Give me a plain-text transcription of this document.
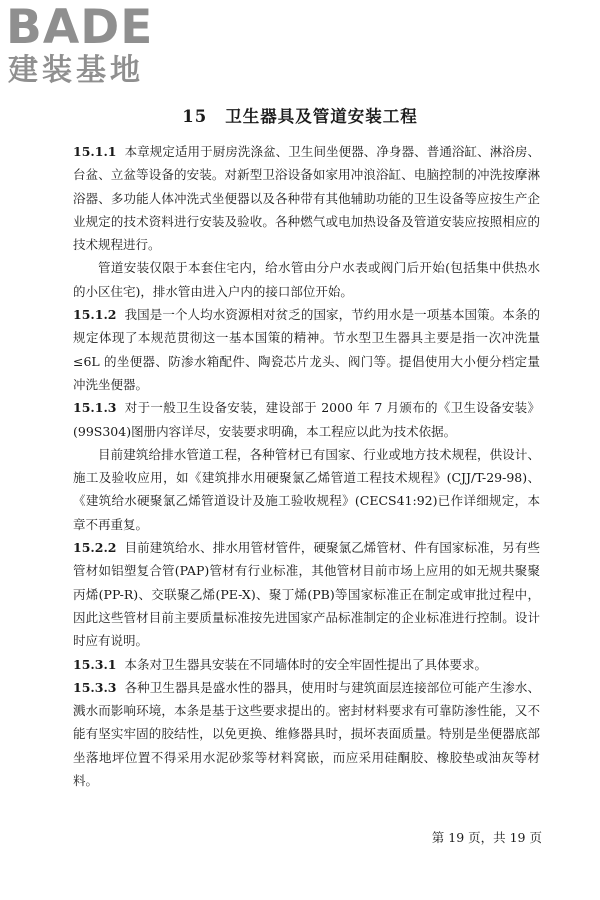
BADE
建装基地
15 卫生器具及管道安装工程

15.1.1 本章规定适用于厨房洗涤盆、卫生间坐便器、净身器、普通浴缸、淋浴房、台盆、立盆等设备的安装。对新型卫浴设备如家用冲浪浴缸、电脑控制的冲洗按摩淋浴器、多功能人体冲洗式坐便器以及各种带有其他辅助功能的卫生设备等应按生产企业规定的技术资料进行安装及验收。各种燃气或电加热设备及管道安装应按照相应的技术规程进行。

管道安装仅限于本套住宅内，给水管由分户水表或阀门后开始(包括集中供热水的小区住宅)，排水管由进入户内的接口部位开始。

15.1.2 我国是一个人均水资源相对贫乏的国家，节约用水是一项基本国策。本条的规定体现了本规范贯彻这一基本国策的精神。节水型卫生器具主要是指一次冲洗量≤6L 的坐便器、防渗水箱配件、陶瓷芯片龙头、阀门等。提倡使用大小便分档定量冲洗坐便器。

15.1.3 对于一般卫生设备安装，建设部于 2000 年 7 月颁布的《卫生设备安装》(99S304)图册内容详尽，安装要求明确，本工程应以此为技术依据。

目前建筑给排水管道工程，各种管材已有国家、行业或地方技术规程，供设计、施工及验收应用，如《建筑排水用硬聚氯乙烯管道工程技术规程》(CJJ/T-29-98)、《建筑给水硬聚氯乙烯管道设计及施工验收规程》(CECS41:92)已作详细规定，本章不再重复。

15.2.2 目前建筑给水、排水用管材管件，硬聚氯乙烯管材、件有国家标准，另有些管材如铝塑复合管(PAP)管材有行业标准，其他管材目前市场上应用的如无规共聚聚丙烯(PP-R)、交联聚乙烯(PE-X)、聚丁烯(PB)等国家标准正在制定或审批过程中，因此这些管材目前主要质量标准按先进国家产品标准制定的企业标准进行控制。设计时应有说明。

15.3.1 本条对卫生器具安装在不同墙体时的安全牢固性提出了具体要求。

15.3.3 各种卫生器具是盛水性的器具，使用时与建筑面层连接部位可能产生渗水、溅水而影响环境，本条是基于这些要求提出的。密封材料要求有可靠防渗性能，又不能有坚实牢固的胶结性，以免更换、维修器具时，损坏表面质量。特别是坐便器底部坐落地坪位置不得采用水泥砂浆等材料窝嵌，而应采用硅酮胶、橡胶垫或油灰等材料。

第 19 页，共 19 页
